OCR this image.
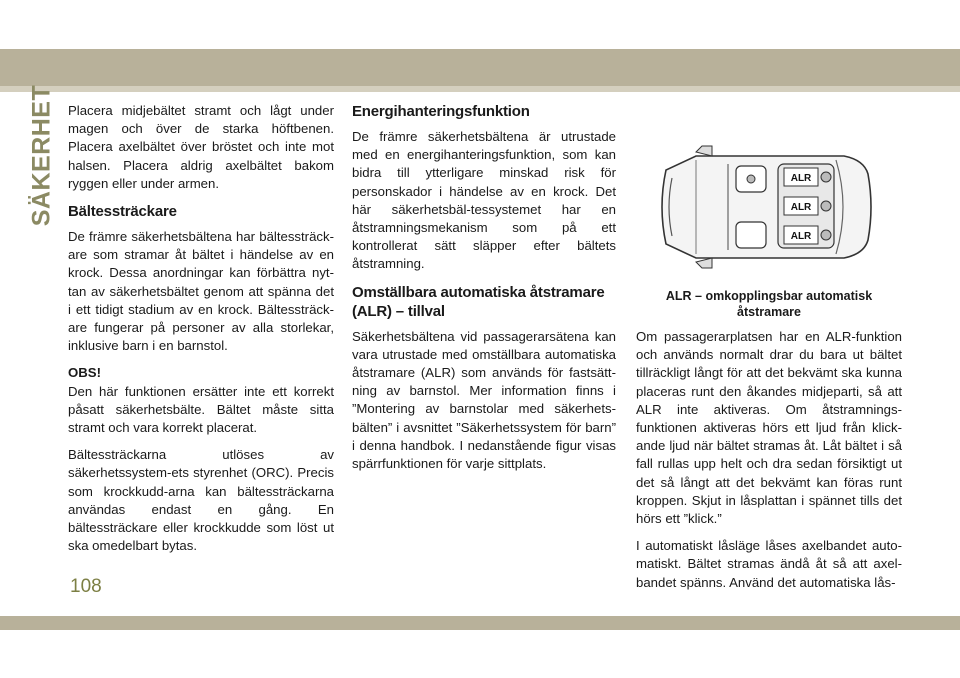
SÄKERHET Placera midjebältet stramt och lågt under magen och över de starka höftbenen. Placera axelbältet över bröstet och inte mot halsen. Placera aldrig axelbältet bakom ryggen eller under armen.

Bältessträckare

De främre säkerhetsbältena har bältessträck-are som stramar åt bältet i händelse av en krock. Dessa anordningar kan förbättra nyt-tan av säkerhetsbältet genom att spänna det i ett tidigt stadium av en krock. Bältessträck-are fungerar på personer av alla storlekar, inklusive barn i en barnstol.

OBS!

Den här funktionen ersätter inte ett korrekt påsatt säkerhetsbälte. Bältet måste sitta stramt och vara korrekt placerat.

Bältessträckarna utlöses av säkerhetssystem-ets styrenhet (ORC). Precis som krockkudd-arna kan bältessträckarna användas endast en gång. En bältessträckare eller krockkudde som löst ut ska omedelbart bytas.

Energihanteringsfunktion

De främre säkerhetsbältena är utrustade med en energihanteringsfunktion, som kan bidra till ytterligare minskad risk för personskador i händelse av en krock. Det här säkerhetsbäl-tessystemet har en åtstramningsmekanism som på ett kontrollerat sätt släpper efter bältets åtstramning.

Omställbara automatiska åtstramare (ALR) – tillval

Säkerhetsbältena vid passagerarsätena kan vara utrustade med omställbara automatiska åtstramare (ALR) som används för fastsätt-ning av barnstol. Mer information finns i ”Montering av barnstolar med säkerhets-bälten” i avsnittet ”Säkerhetssystem för barn” i denna handbok. I nedanstående figur visas spärrfunktionen för varje sittplats.

ALR
ALR
ALR
ALR – omkopplingsbar automatisk åtstramare

Om passagerarplatsen har en ALR-funktion och används normalt drar du bara ut bältet tillräckligt långt för att det bekvämt ska kunna placeras runt den åkandes midjeparti, så att ALR inte aktiveras. Om åtstramnings-funktionen aktiveras hörs ett ljud från klick-ande ljud när bältet stramas åt. Låt bältet i så fall rullas upp helt och dra sedan försiktigt ut det så långt att det bekvämt kan föras runt kroppen. Skjut in låsplattan i spännet tills det hörs ett ”klick.”

I automatiskt låsläge låses axelbandet auto-matiskt. Bältet stramas ändå åt så att axel-bandet spänns. Använd det automatiska lås-

108
